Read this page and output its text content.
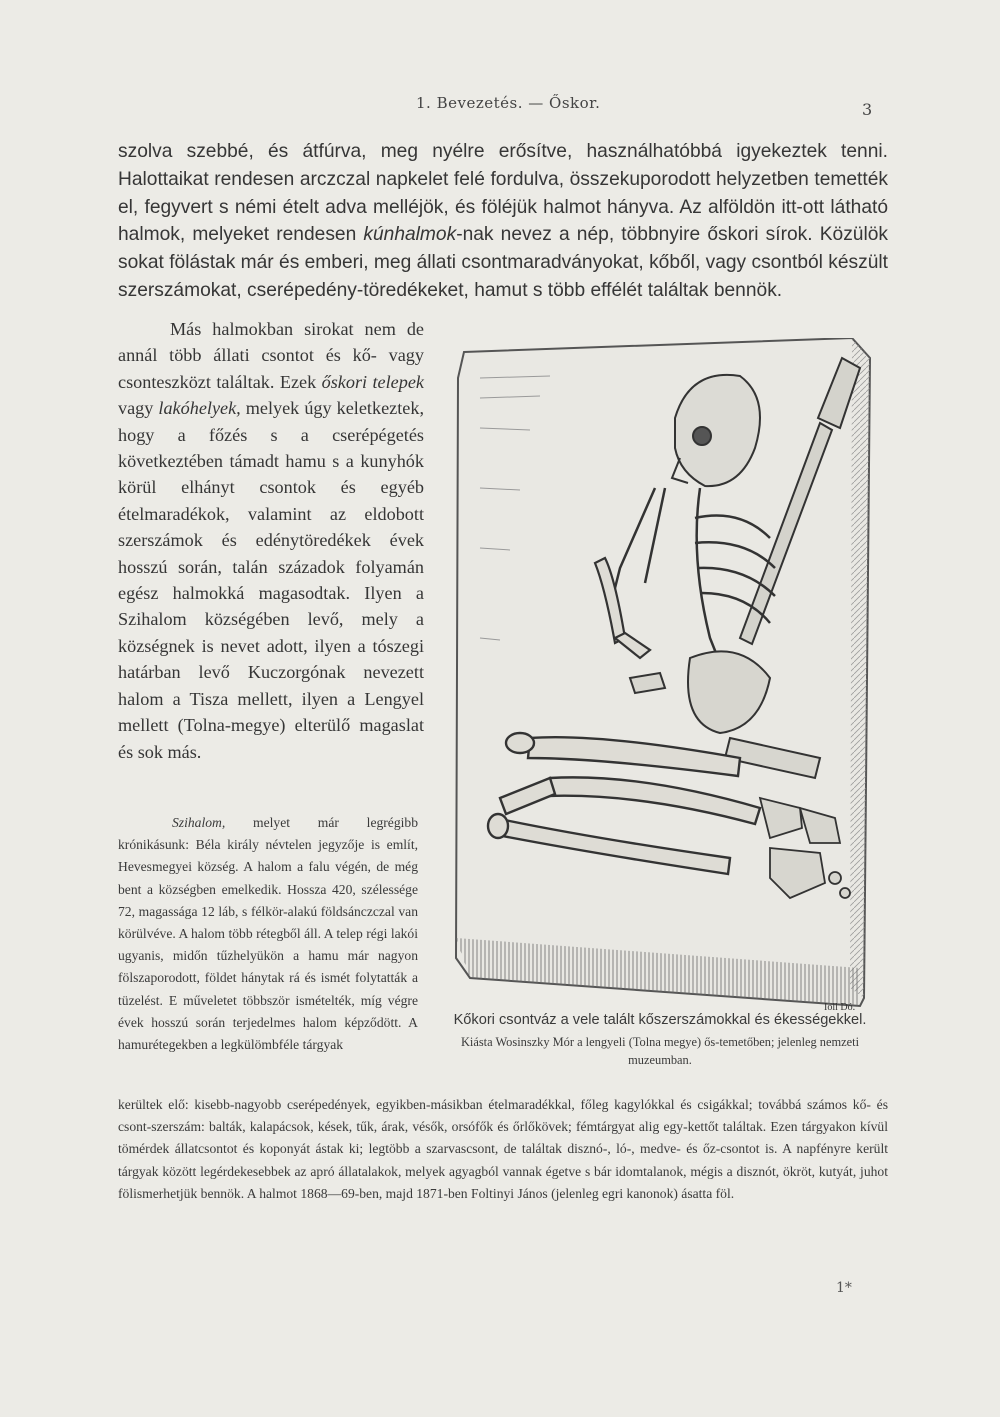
1. Bevezetés. — Őskor.	3

szolva szebbé, és átfúrva, meg nyélre erősítve, használhatóbbá igyekeztek tenni. Halottaikat rendesen arczczal napkelet felé fordulva, összekuporodott helyzetben temették el, fegyvert s némi ételt adva melléjök, és föléjük halmot hányva. Az alföldön itt-ott látható halmok, melyeket rendesen kúnhalmok-nak nevez a nép, többnyire őskori sírok. Közülök sokat fölástak már és emberi, meg állati csontmaradványokat, kőből, vagy csontból készült szerszámokat, cserépedény-töredékeket, hamut s több effélét találtak bennök.

Más halmokban sirokat nem de annál több állati csontot és kő- vagy csonteszközt találtak. Ezek őskori telepek vagy lakóhelyek, melyek úgy keletkeztek, hogy a főzés s a cserépégetés következtében támadt hamu s a kunyhók körül elhányt csontok és egyéb ételmaradékok, valamint az eldobott szerszámok és edénytöredékek évek hosszú során, talán századok folyamán egész halmokká magasodtak. Ilyen a Szihalom községében levő, mely a községnek is nevet adott, ilyen a tószegi határban levő Kuczorgónak nevezett halom a Tisza mellett, ilyen a Lengyel mellett (Tolna-megye) elterülő magaslat és sok más.

Szihalom, melyet már legrégibb krónikásunk: Béla király névtelen jegyzője is említ, Hevesmegyei község. A halom a falu végén, de még bent a községben emelkedik. Hossza 420, szélessége 72, magassága 12 láb, s félkör-alakú földsánczczal van körülvéve. A halom több rétegből áll. A telep régi lakói ugyanis, midőn tűzhelyükön a hamu már nagyon fölszaporodott, földet hánytak rá és ismét folytatták a tüzelést. E műveletet többször ismételték, míg végre évek hosszú során terjedelmes halom képződött. A hamurétegekben a legkülömbféle tárgyak

Ioll Dó.
Kőkori csontváz a vele talált kőszerszámokkal és ékességekkel.
Kiásta Wosinszky Mór a lengyeli (Tolna megye) ős-temetőben; jelenleg nemzeti muzeumban.

kerültek elő: kisebb-nagyobb cserépedények, egyikben-másikban ételmaradékkal, főleg kagylókkal és csigákkal; továbbá számos kő- és csont-szerszám: balták, kalapácsok, kések, tűk, árak, vésők, orsófők és őrlőkövek; fémtárgyat alig egy-kettőt találtak. Ezen tárgyakon kívül tömérdek állatcsontot és koponyát ástak ki; legtöbb a szarvascsont, de találtak disznó-, ló-, medve- és őz-csontot is. A napfényre került tárgyak között legérdekesebbek az apró állatalakok, melyek agyagból vannak égetve s bár idomtalanok, mégis a disznót, ökröt, kutyát, juhot fölismerhetjük bennök. A halmot 1868—69-ben, majd 1871-ben Foltinyi János (jelenleg egri kanonok) ásatta föl.

1*
